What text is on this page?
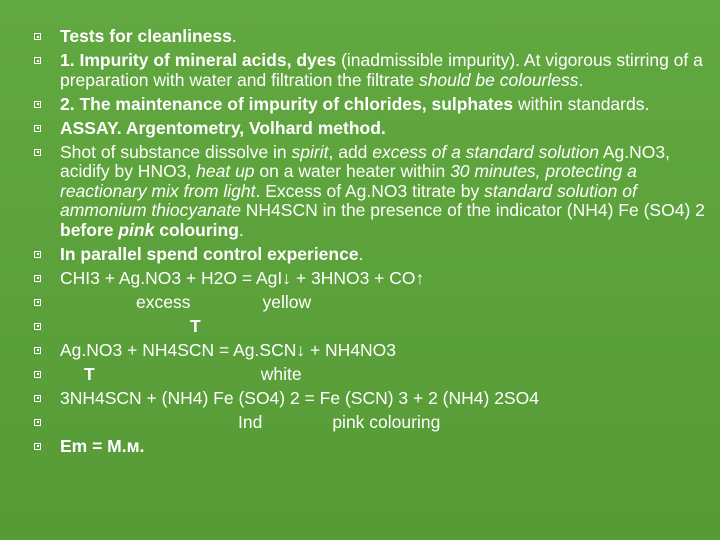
Tests for cleanliness.
1. Impurity of mineral acids, dyes (inadmissible impurity). At vigorous stirring of a preparation with water and filtration the filtrate should be colourless.
2. The maintenance of impurity of chlorides, sulphates within standards.
ASSAY. Argentometry, Volhard method.
Shot of substance dissolve in spirit, add excess of a standard solution Ag.NO3, acidify by HNO3, heat up on a water heater within 30 minutes, protecting a reactionary mix from light. Excess of Ag.NO3 titrate by standard solution of ammonium thiocyanate NH4SCN in the presence of the indicator (NH4) Fe (SO4) 2 before pink colouring.
In parallel spend control experience.
CHI3 + Ag.NO3 + H2O = AgI↓ + 3HNO3 + CO↑
excess	yellow
T
Ag.NO3 + NH4SCN = Ag.SCN↓ + NH4NO3
T	white
3NH4SCN + (NH4) Fe (SO4) 2 = Fe (SCN) 3 + 2 (NH4) 2SO4
Ind	pink colouring
Em = M.м.
